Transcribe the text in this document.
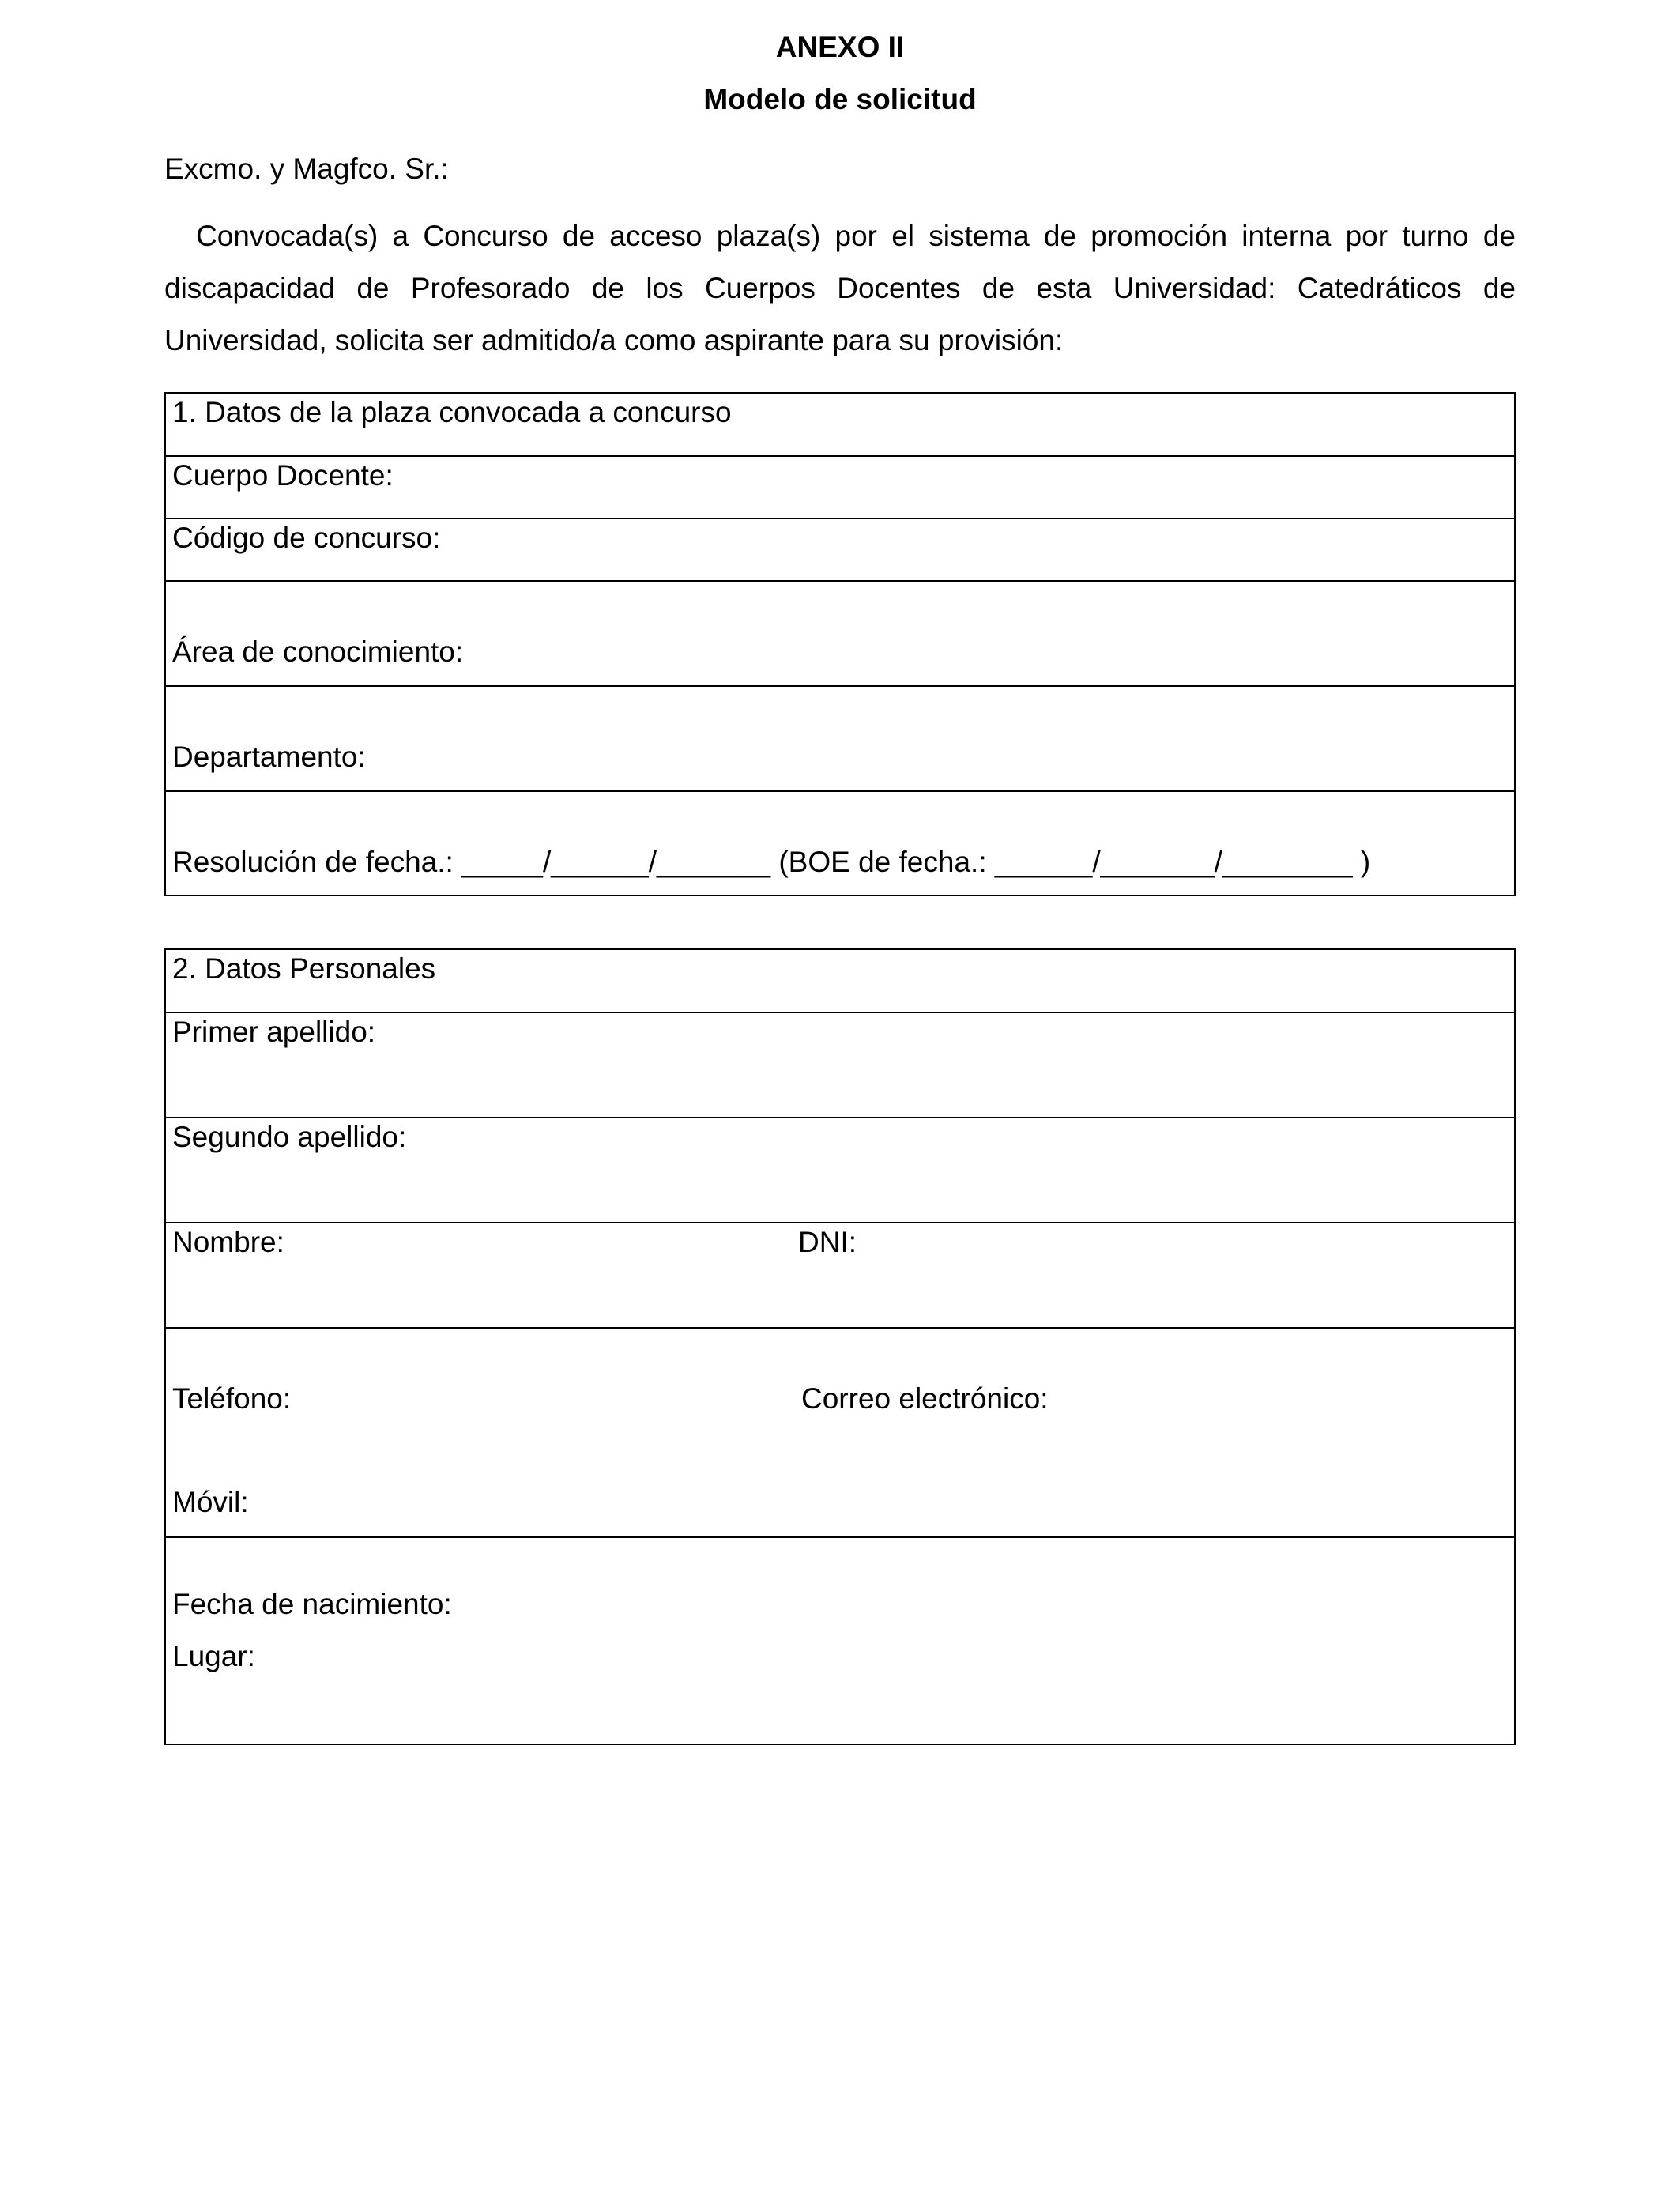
ANEXO II
Modelo de solicitud
Excmo. y Magfco. Sr.:
Convocada(s) a Concurso de acceso plaza(s) por el sistema de promoción interna por turno de discapacidad de Profesorado de los Cuerpos Docentes de esta Universidad: Catedráticos de Universidad, solicita ser admitido/a como aspirante para su provisión:
1. Datos de la plaza convocada a concurso
Cuerpo Docente:
Código de concurso:
Área de conocimiento:
Departamento:
Resolución de fecha.: _____/______/_______ (BOE de fecha.: ______/_______/________ )
2. Datos Personales
Primer apellido:
Segundo apellido:
Nombre:	DNI:
Teléfono:	Correo electrónico:
Móvil:
Fecha de nacimiento:
Lugar:
